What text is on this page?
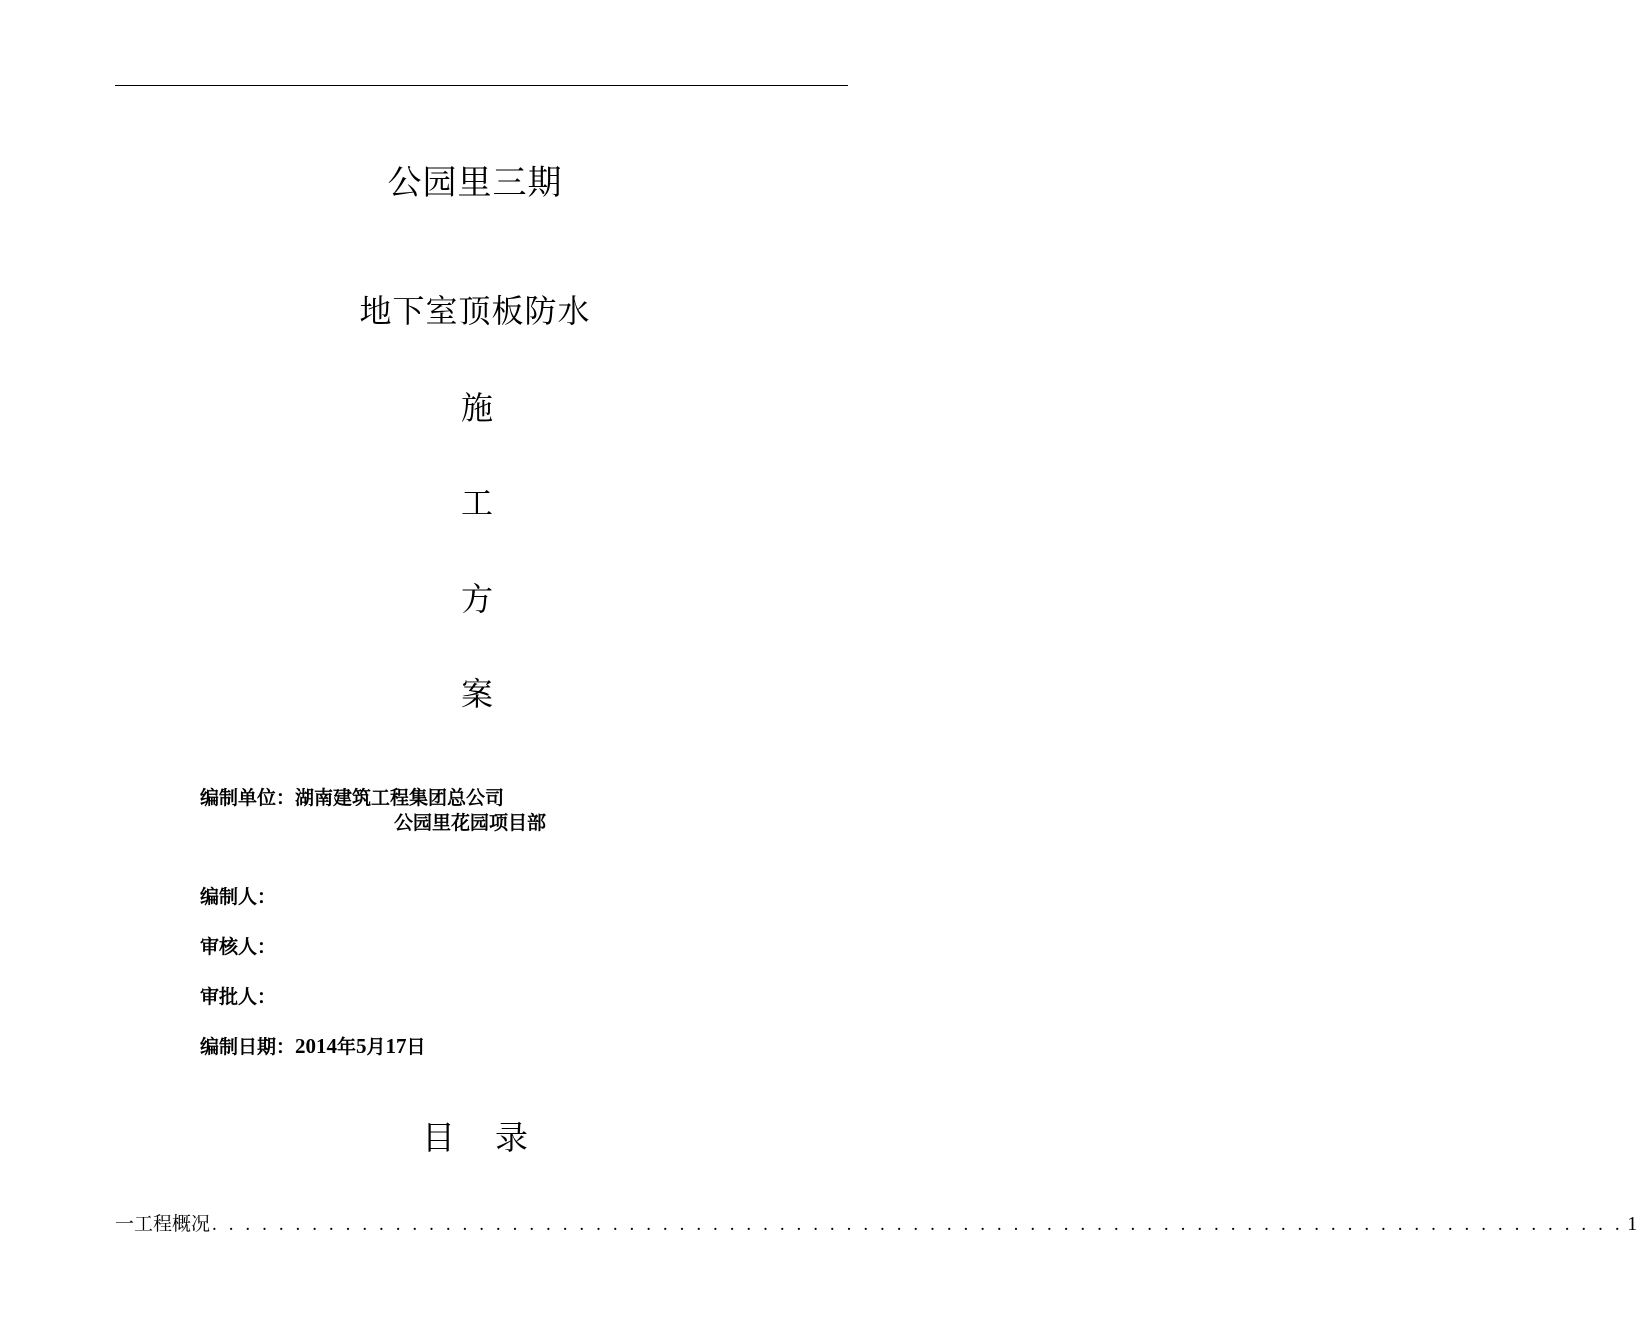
公园里三期
地下室顶板防水
施
工
方
案
编制单位：湖南建筑工程集团总公司
公园里花园项目部
编制人：
审核人：
审批人：
编制日期：2014年5月17日
目 录
一 工程概况 . . . . . . . . . . . . . . . . . . . . . . . . . . . . . . . . . . . . . . . . . . . . . . . . . . . . . . . . . . . . . . . . . . . . . . . . . . . . . . . . . . . . . 1
